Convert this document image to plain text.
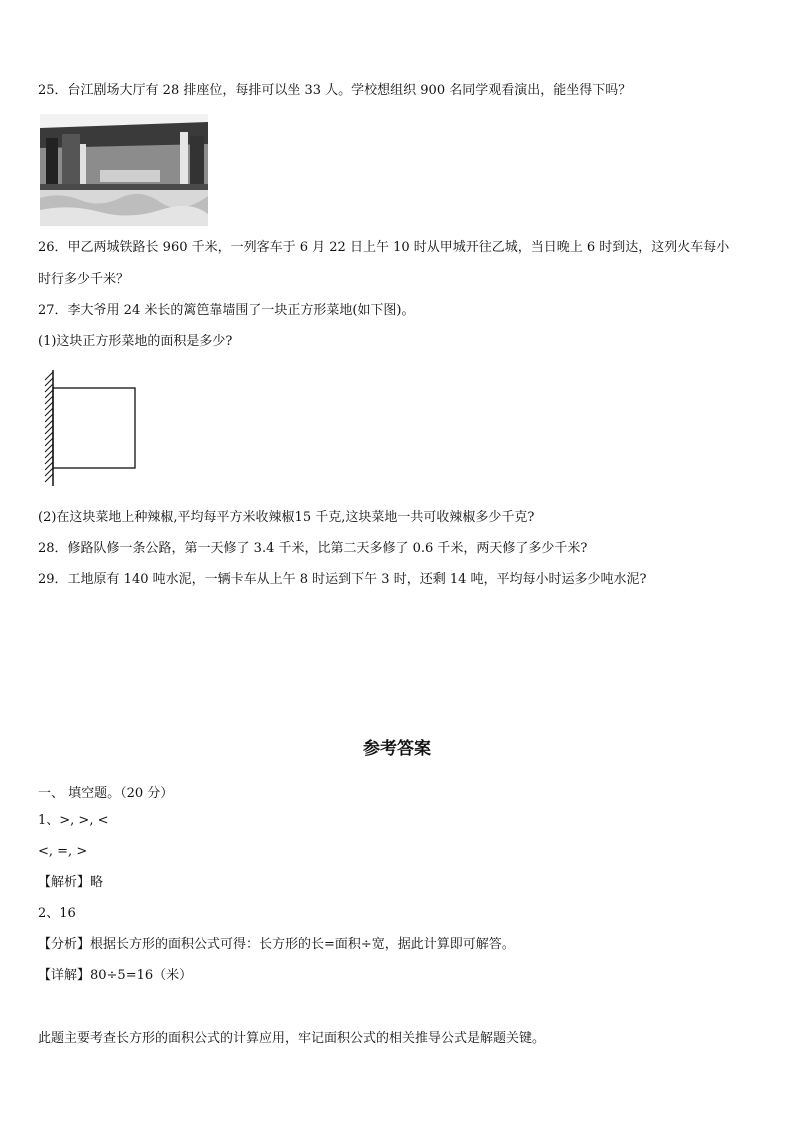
25．台江剧场大厅有 28 排座位，每排可以坐 33 人。学校想组织 900 名同学观看演出，能坐得下吗？
26．甲乙两城铁路长 960 千米，一列客车于 6 月 22 日上午 10 时从甲城开往乙城，当日晚上 6 时到达，这列火车每小
时行多少千米？
27．李大爷用 24 米长的篱笆靠墙围了一块正方形菜地(如下图)。
(1)这块正方形菜地的面积是多少?
(2)在这块菜地上种辣椒,平均每平方米收辣椒15 千克,这块菜地一共可收辣椒多少千克?
28．修路队修一条公路，第一天修了 3.4 千米，比第二天多修了 0.6 千米，两天修了多少千米?
29．工地原有 140 吨水泥，一辆卡车从上午 8 时运到下午 3 时，还剩 14 吨，平均每小时运多少吨水泥?
参考答案
一、 填空题。（20 分）
1、>, >, <
<, =, >
【解析】略
2、16
【分析】根据长方形的面积公式可得：长方形的长=面积÷宽，据此计算即可解答。
【详解】80÷5=16（米）
此题主要考查长方形的面积公式的计算应用，牢记面积公式的相关推导公式是解题关键。
